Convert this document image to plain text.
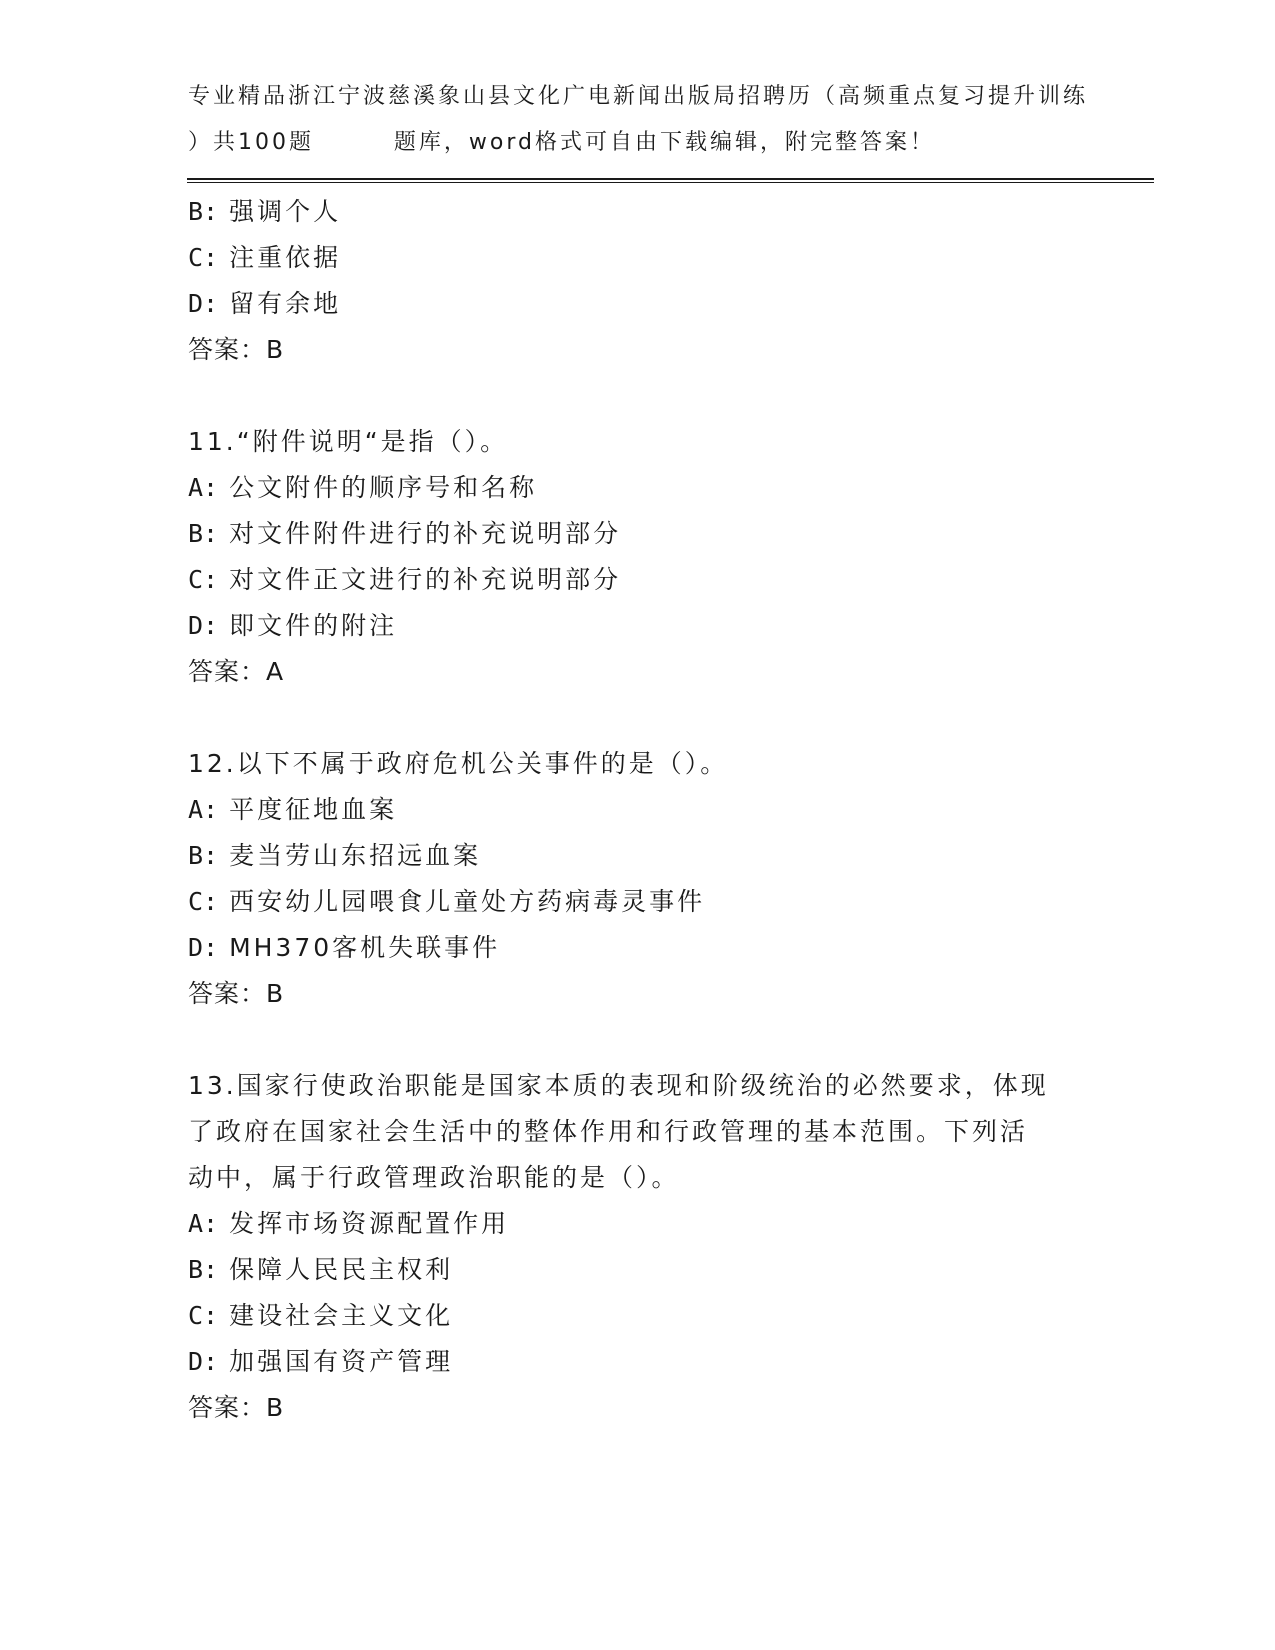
专业精品浙江宁波慈溪象山县文化广电新闻出版局招聘历（高频重点复习提升训练
）共100题        题库，word格式可自由下载编辑，附完整答案！
B: 强调个人
C: 注重依据
D: 留有余地
答案：B
11.“附件说明“是指（）。
A: 公文附件的顺序号和名称
B: 对文件附件进行的补充说明部分
C: 对文件正文进行的补充说明部分
D: 即文件的附注
答案：A
12.以下不属于政府危机公关事件的是（）。
A: 平度征地血案
B: 麦当劳山东招远血案
C: 西安幼儿园喂食儿童处方药病毒灵事件
D: MH370客机失联事件
答案：B
13.国家行使政治职能是国家本质的表现和阶级统治的必然要求，体现
了政府在国家社会生活中的整体作用和行政管理的基本范围。下列活
动中，属于行政管理政治职能的是（）。
A: 发挥市场资源配置作用
B: 保障人民民主权利
C: 建设社会主义文化
D: 加强国有资产管理
答案：B
